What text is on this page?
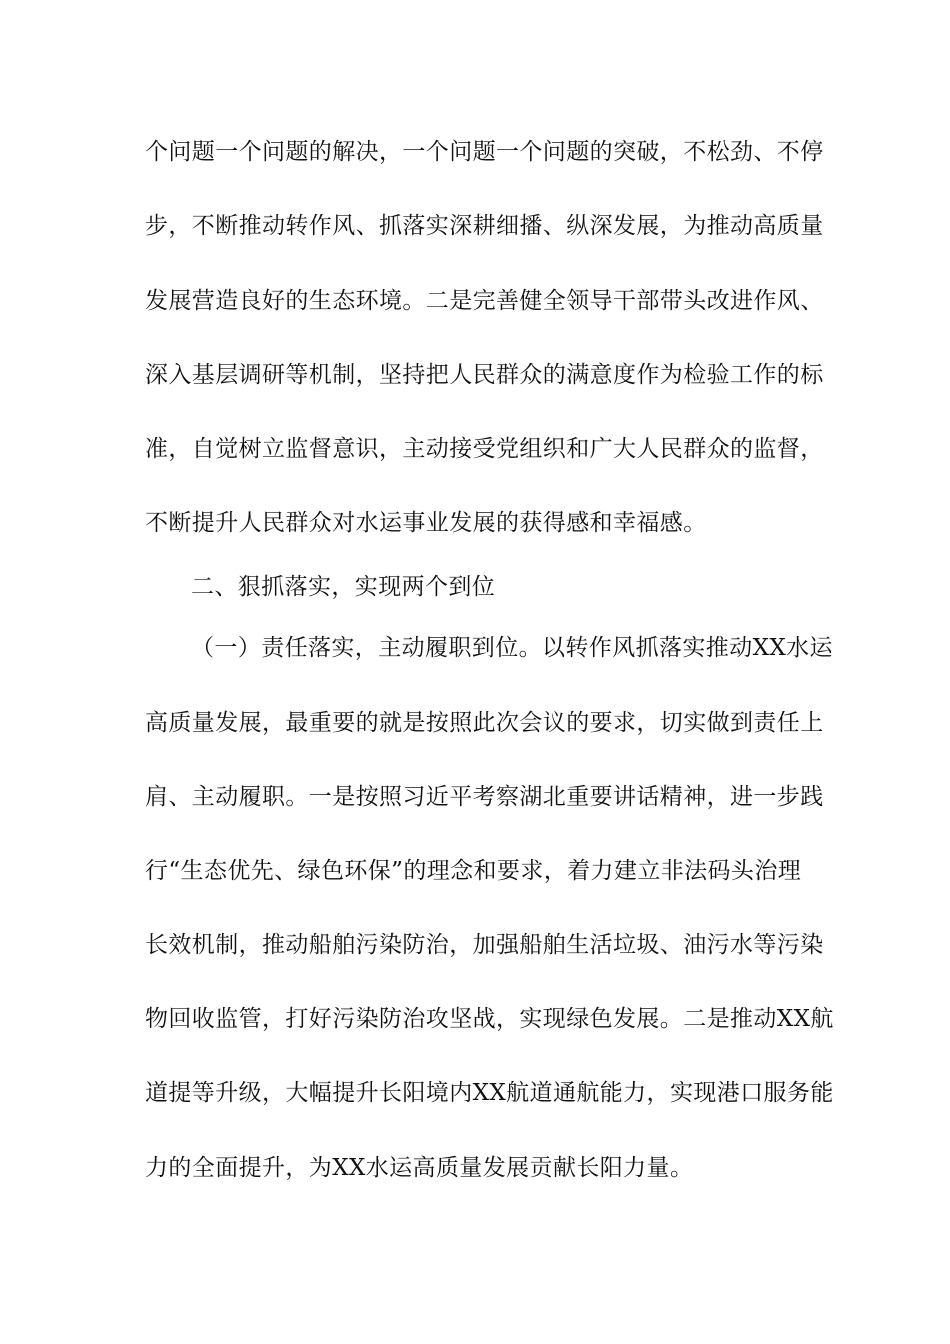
个问题一个问题的解决，一个问题一个问题的突破，不松劲、不停
步，不断推动转作风、抓落实深耕细播、纵深发展，为推动高质量
发展营造良好的生态环境。二是完善健全领导干部带头改进作风、
深入基层调研等机制，坚持把人民群众的满意度作为检验工作的标
准，自觉树立监督意识，主动接受党组织和广大人民群众的监督，
不断提升人民群众对水运事业发展的获得感和幸福感。
二、狠抓落实，实现两个到位
（一）责任落实，主动履职到位。以转作风抓落实推动XX水运
高质量发展，最重要的就是按照此次会议的要求，切实做到责任上
肩、主动履职。一是按照习近平考察湖北重要讲话精神，进一步践
行“生态优先、绿色环保”的理念和要求，着力建立非法码头治理
长效机制，推动船舶污染防治，加强船舶生活垃圾、油污水等污染
物回收监管，打好污染防治攻坚战，实现绿色发展。二是推动XX航
道提等升级，大幅提升长阳境内XX航道通航能力，实现港口服务能
力的全面提升，为XX水运高质量发展贡献长阳力量。
